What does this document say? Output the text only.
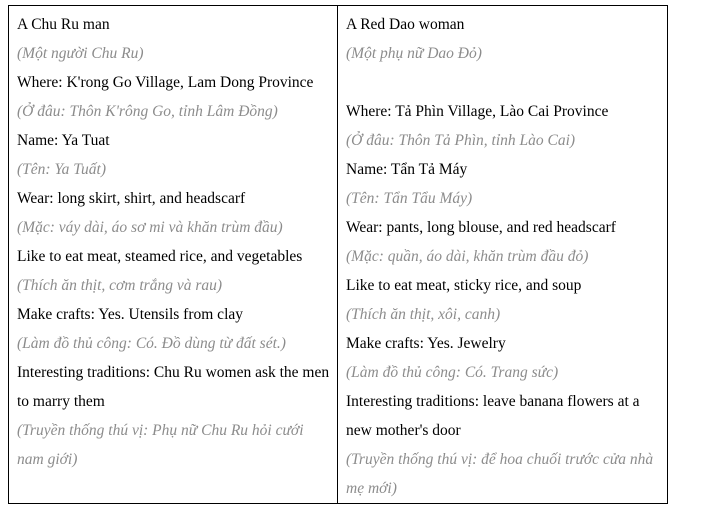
A Chu Ru man
(Một người Chu Ru)
Where: K'rong Go Village, Lam Dong Province
(Ở đâu: Thôn K'rông Go, tỉnh Lâm Đồng)
Name: Ya Tuat
(Tên: Ya Tuất)
Wear: long skirt, shirt, and headscarf
(Mặc: váy dài, áo sơ mi và khăn trùm đầu)
Like to eat meat, steamed rice, and vegetables
(Thích ăn thịt, cơm trắng và rau)
Make crafts: Yes. Utensils from clay
(Làm đồ thủ công: Có. Đồ dùng từ đất sét.)
Interesting traditions: Chu Ru women ask the men to marry them
(Truyền thống thú vị: Phụ nữ Chu Ru hỏi cưới nam giới)

A Red Dao woman
(Một phụ nữ Dao Đỏ)
Where: Tả Phìn Village, Lào Cai Province
(Ở đâu: Thôn Tả Phìn, tỉnh Lào Cai)
Name: Tẩn Tả Máy
(Tên: Tẩn Tẩu Máy)
Wear: pants, long blouse, and red headscarf
(Mặc: quần, áo dài, khăn trùm đầu đỏ)
Like to eat meat, sticky rice, and soup
(Thích ăn thịt, xôi, canh)
Make crafts: Yes. Jewelry
(Làm đồ thủ công: Có. Trang sức)
Interesting traditions: leave banana flowers at a new mother's door
(Truyền thống thú vị: để hoa chuối trước cửa nhà mẹ mới)
